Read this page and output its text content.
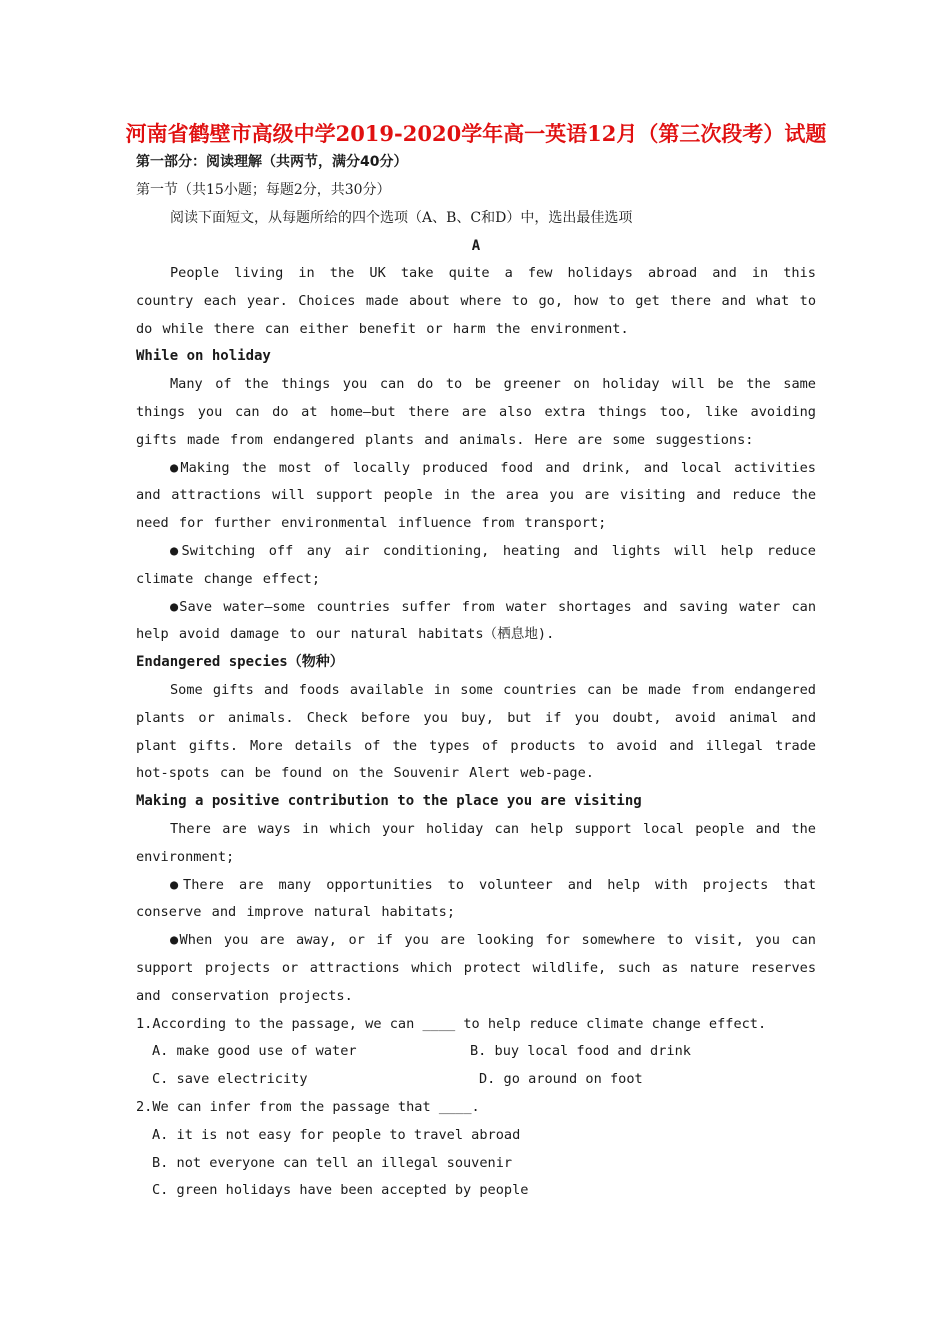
河南省鹤壁市高级中学2019-2020学年高一英语12月（第三次段考）试题

第一部分：阅读理解（共两节，满分40分）

第一节（共15小题；每题2分，共30分）

阅读下面短文，从每题所给的四个选项（A、B、C和D）中，选出最佳选项

A

People living in the UK take quite a few holidays abroad and in this country each year. Choices made about where to go, how to get there and what to do while there can either benefit or harm the environment.

While on holiday

Many of the things you can do to be greener on holiday will be the same things you can do at home—but there are also extra things too, like avoiding gifts made from endangered plants and animals. Here are some suggestions:

●Making the most of locally produced food and drink, and local activities and attractions will support people in the area you are visiting and reduce the need for further environmental influence from transport;

●Switching off any air conditioning, heating and lights will help reduce climate change effect;

●Save water—some countries suffer from water shortages and saving water can help avoid damage to our natural habitats（栖息地).

Endangered species（物种）

Some gifts and foods available in some countries can be made from endangered plants or animals. Check before you buy, but if you doubt, avoid animal and plant gifts. More details of the types of products to avoid and illegal trade hot-spots can be found on the Souvenir Alert web-page.

Making a positive contribution to the place you are visiting

There are ways in which your holiday can help support local people and the environment;

●There are many opportunities to volunteer and help with projects that conserve and improve natural habitats;

●When you are away, or if you are looking for somewhere to visit, you can support projects or attractions which protect wildlife, such as nature reserves and conservation projects.

1.According to the passage, we can ____ to help reduce climate change effect.

A. make good use of water	B. buy local food and drink
C. save electricity	D. go around on foot

2.We can infer from the passage that ____.

A. it is not easy for people to travel abroad

B. not everyone can tell an illegal souvenir

C. green holidays have been accepted by people
